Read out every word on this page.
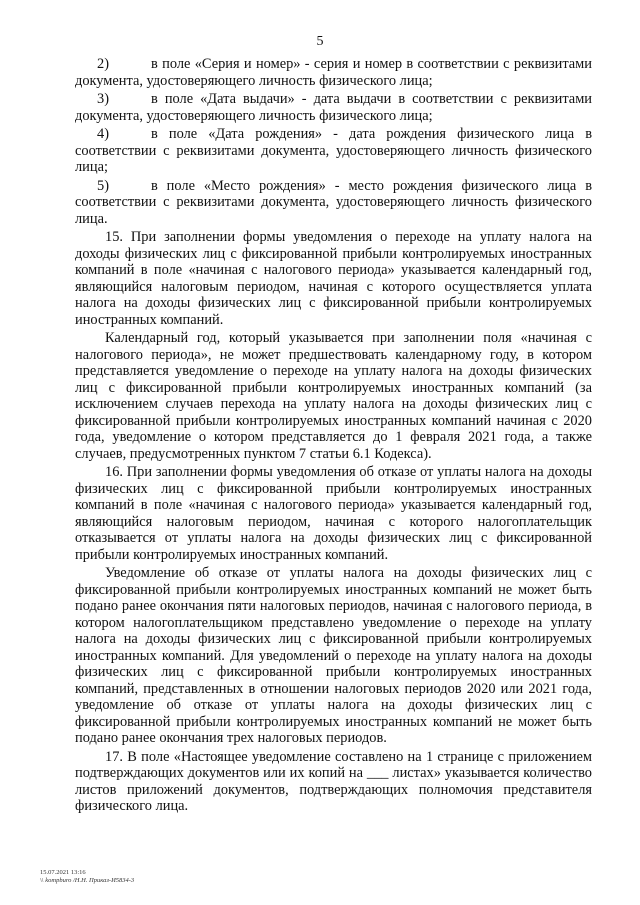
5

2)	в поле «Серия и номер» - серия и номер в соответствии с реквизитами документа, удостоверяющего личность физического лица;

3)	в поле «Дата выдачи» - дата выдачи в соответствии с реквизитами документа, удостоверяющего личность физического лица;

4)	в поле «Дата рождения» - дата рождения физического лица в соответствии с реквизитами документа, удостоверяющего личность физического лица;

5)	в поле «Место рождения» - место рождения физического лица в соответствии с реквизитами документа, удостоверяющего личность физического лица.

15. При заполнении формы уведомления о переходе на уплату налога на доходы физических лиц с фиксированной прибыли контролируемых иностранных компаний в поле «начиная с налогового периода» указывается календарный год, являющийся налоговым периодом, начиная с которого осуществляется уплата налога на доходы физических лиц с фиксированной прибыли контролируемых иностранных компаний.

Календарный год, который указывается при заполнении поля «начиная с налогового периода», не может предшествовать календарному году, в котором представляется уведомление о переходе на уплату налога на доходы физических лиц с фиксированной прибыли контролируемых иностранных компаний (за исключением случаев перехода на уплату налога на доходы физических лиц с фиксированной прибыли контролируемых иностранных компаний начиная с 2020 года, уведомление о котором представляется до 1 февраля 2021 года, а также случаев, предусмотренных пунктом 7 статьи 6.1 Кодекса).

16. При заполнении формы уведомления об отказе от уплаты налога на доходы физических лиц с фиксированной прибыли контролируемых иностранных компаний в поле «начиная с налогового периода» указывается календарный год, являющийся налоговым периодом, начиная с которого налогоплательщик отказывается от уплаты налога на доходы физических лиц с фиксированной прибыли контролируемых иностранных компаний.

Уведомление об отказе от уплаты налога на доходы физических лиц с фиксированной прибыли контролируемых иностранных компаний не может быть подано ранее окончания пяти налоговых периодов, начиная с налогового периода, в котором налогоплательщиком представлено уведомление о переходе на уплату налога на доходы физических лиц с фиксированной прибыли контролируемых иностранных компаний. Для уведомлений о переходе на уплату налога на доходы физических лиц с фиксированной прибыли контролируемых иностранных компаний, представленных в отношении налоговых периодов 2020 или 2021 года, уведомление об отказе от уплаты налога на доходы физических лиц с фиксированной прибыли контролируемых иностранных компаний не может быть подано ранее окончания трех налоговых периодов.

17. В поле «Настоящее уведомление составлено на 1 странице с приложением подтверждающих документов или их копий на ___ листах» указывается количество листов приложений документов, подтверждающих полномочия представителя физического лица.

15.07.2021 13:16
\\ kompburo /Н.Н. Приказ-И5834-3
